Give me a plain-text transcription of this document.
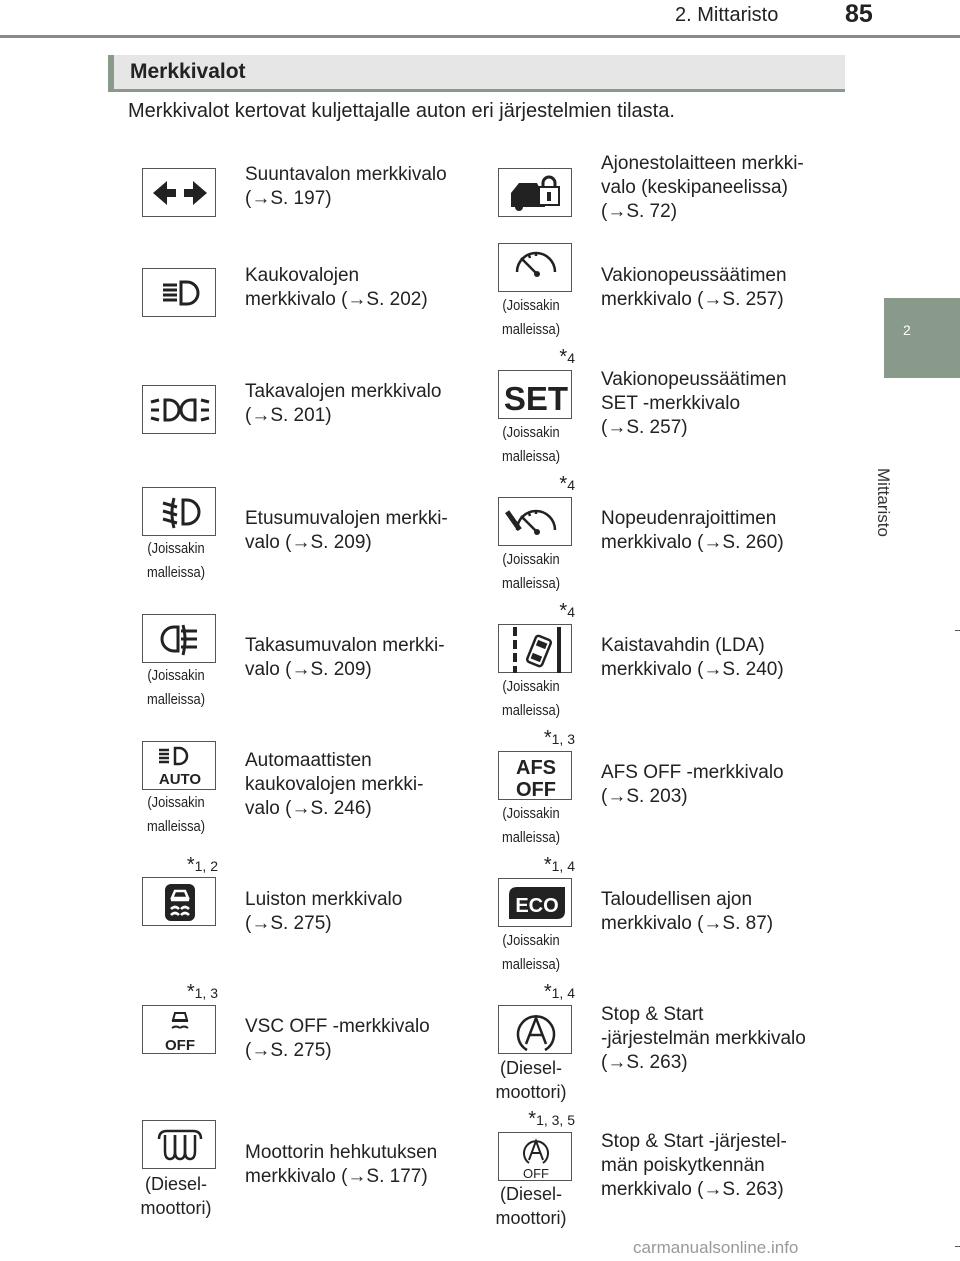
2. Mittaristo	85
2
Mittaristo
Merkkivalot
Merkkivalot kertovat kuljettajalle auton eri järjestelmien tilasta.
Suuntavalon merkkivalo
(→S. 197)
Kaukovalojen
merkkivalo (→S. 202)
Takavalojen merkkivalo
(→S. 201)
(Joissakin
malleissa)
Etusumuvalojen merkki-
valo (→S. 209)
(Joissakin
malleissa)
Takasumuvalon merkki-
valo (→S. 209)
AUTO
(Joissakin
malleissa)
Automaattisten
kaukovalojen merkki-
valo (→S. 246)
*1, 2
Luiston merkkivalo
(→S. 275)
*1, 3
OFF
VSC OFF -merkkivalo
(→S. 275)
(Diesel-
moottori)
Moottorin hehkutuksen
merkkivalo (→S. 177)
Ajonestolaitteen merkki-
valo (keskipaneelissa)
(→S. 72)
(Joissakin
malleissa)
Vakionopeussäätimen
merkkivalo (→S. 257)
*4
SET
(Joissakin
malleissa)
Vakionopeussäätimen
SET -merkkivalo
(→S. 257)
*4
(Joissakin
malleissa)
Nopeudenrajoittimen
merkkivalo (→S. 260)
*4
(Joissakin
malleissa)
Kaistavahdin (LDA)
merkkivalo (→S. 240)
*1, 3
AFS
OFF
(Joissakin
malleissa)
AFS OFF -merkkivalo
(→S. 203)
*1, 4
ECO
(Joissakin
malleissa)
Taloudellisen ajon
merkkivalo (→S. 87)
*1, 4
(Diesel-
moottori)
Stop & Start
-järjestelmän merkkivalo
(→S. 263)
*1, 3, 5
OFF
(Diesel-
moottori)
Stop & Start -järjestel-
män poiskytkennän
merkkivalo (→S. 263)
carmanualsonline.info
